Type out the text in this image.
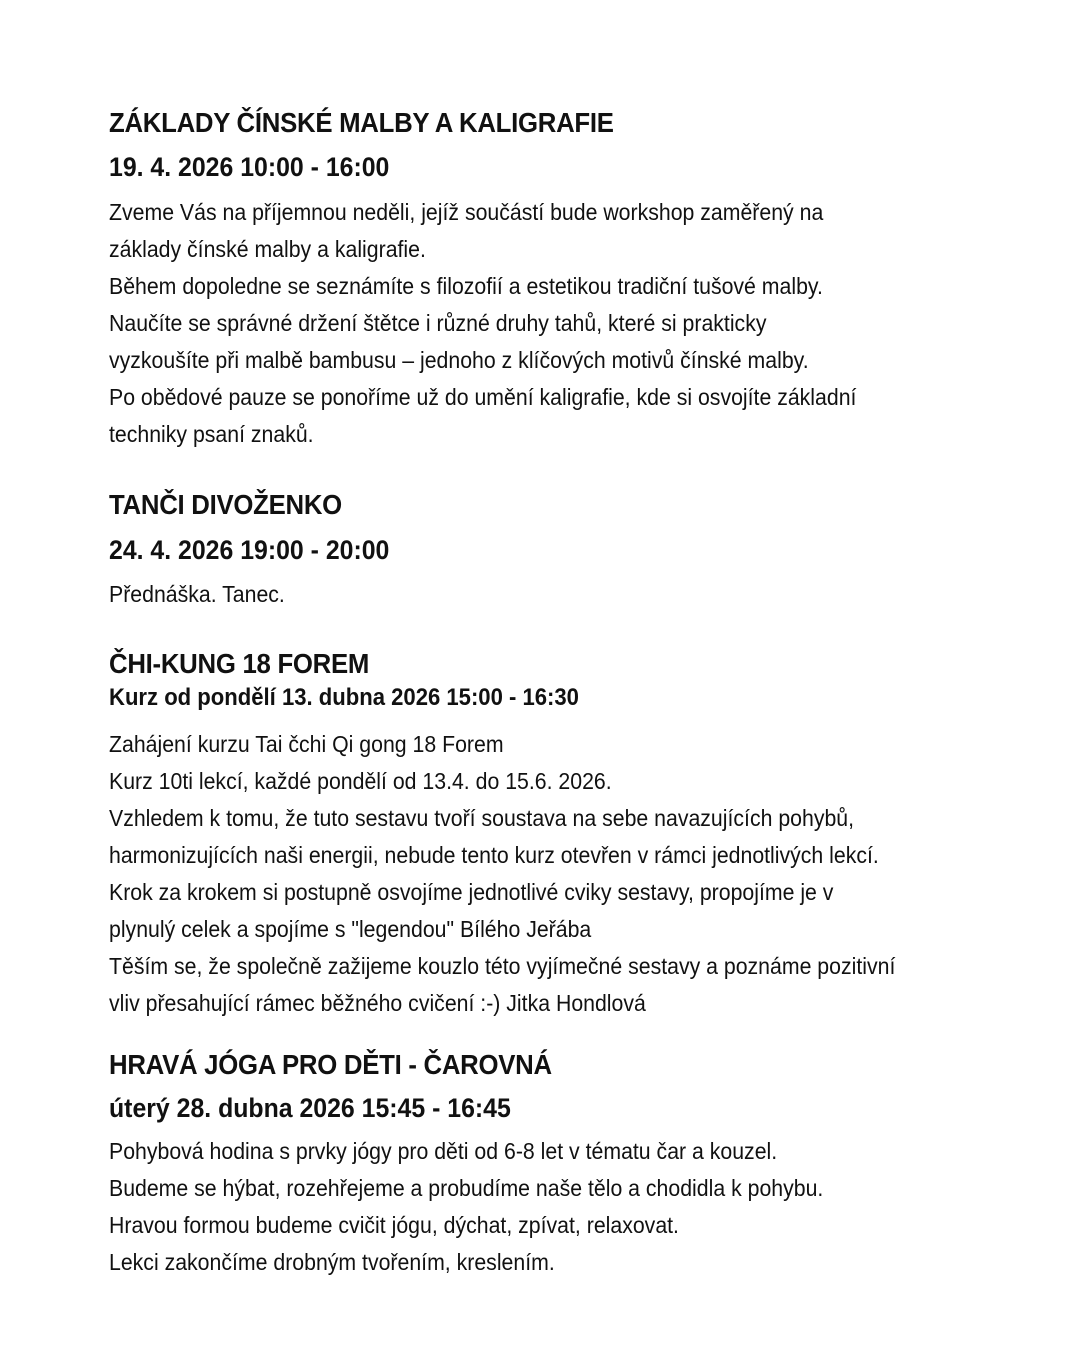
ZÁKLADY ČÍNSKÉ MALBY A KALIGRAFIE
19. 4. 2026 10:00 - 16:00
Zveme Vás na příjemnou neděli, jejíž součástí bude workshop zaměřený na
základy čínské malby a kaligrafie.
Během dopoledne se seznámíte s filozofií a estetikou tradiční tušové malby.
Naučíte se správné držení štětce i různé druhy tahů, které si prakticky
vyzkoušíte při malbě bambusu – jednoho z klíčových motivů čínské malby.
Po obědové pauze se ponoříme už do umění kaligrafie, kde si osvojíte základní
techniky psaní znaků.
TANČI DIVOŽENKO
24. 4. 2026 19:00 - 20:00
Přednáška. Tanec.
ČHI-KUNG 18 FOREM
Kurz od pondělí 13. dubna 2026 15:00 - 16:30
Zahájení kurzu Tai čchi Qi gong 18 Forem
Kurz 10ti lekcí, každé pondělí od 13.4. do 15.6. 2026.
Vzhledem k tomu, že tuto sestavu tvoří soustava na sebe navazujících pohybů,
harmonizujících naši energii, nebude tento kurz otevřen v rámci jednotlivých lekcí.
Krok za krokem si postupně osvojíme jednotlivé cviky sestavy, propojíme je v
plynulý celek a spojíme s "legendou" Bílého Jeřába
Těším se, že společně zažijeme kouzlo této vyjímečné sestavy a poznáme pozitivní
vliv přesahující rámec běžného cvičení :-) Jitka Hondlová
HRAVÁ JÓGA PRO DĚTI - ČAROVNÁ
úterý 28. dubna 2026 15:45 - 16:45
Pohybová hodina s prvky jógy pro děti od 6-8 let v tématu čar a kouzel.
Budeme se hýbat, rozehřejeme a probudíme naše tělo a chodidla k pohybu.
Hravou formou budeme cvičit jógu, dýchat, zpívat, relaxovat.
Lekci zakončíme drobným tvořením, kreslením.
